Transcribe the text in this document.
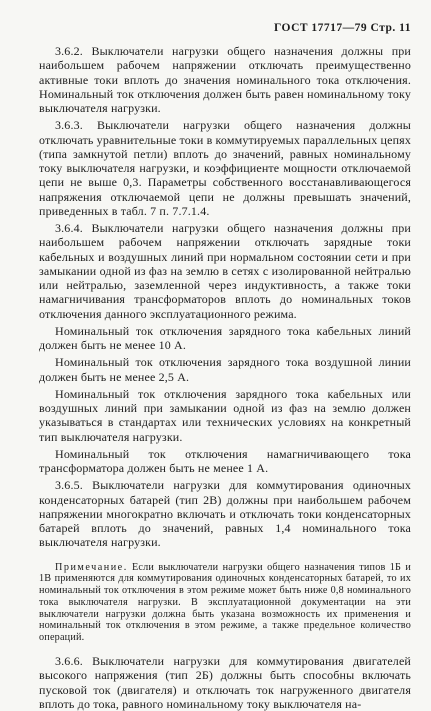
ГОСТ 17717—79 Стр. 11

3.6.2. Выключатели нагрузки общего назначения должны при наибольшем рабочем напряжении отключать преимущественно активные токи вплоть до значения номинального тока отключения. Номинальный ток отключения должен быть равен номинальному току выключателя нагрузки.

3.6.3. Выключатели нагрузки общего назначения должны отключать уравнительные токи в коммутируемых параллельных цепях (типа замкнутой петли) вплоть до значений, равных номинальному току выключателя нагрузки, и коэффициенте мощности отключаемой цепи не выше 0,3. Параметры собственного восстанавливающегося напряжения отключаемой цепи не должны превышать значений, приведенных в табл. 7 п. 7.7.1.4.

3.6.4. Выключатели нагрузки общего назначения должны при наибольшем рабочем напряжении отключать зарядные токи кабельных и воздушных линий при нормальном состоянии сети и при замыкании одной из фаз на землю в сетях с изолированной нейтралью или нейтралью, заземленной через индуктивность, а также токи намагничивания трансформаторов вплоть до номинальных токов отключения данного эксплуатационного режима.

Номинальный ток отключения зарядного тока кабельных линий должен быть не менее 10 А.

Номинальный ток отключения зарядного тока воздушной линии должен быть не менее 2,5 А.

Номинальный ток отключения зарядного тока кабельных или воздушных линий при замыкании одной из фаз на землю должен указываться в стандартах или технических условиях на конкретный тип выключателя нагрузки.

Номинальный ток отключения намагничивающего тока трансформатора должен быть не менее 1 А.

3.6.5. Выключатели нагрузки для коммутирования одиночных конденсаторных батарей (тип 2В) должны при наибольшем рабочем напряжении многократно включать и отключать токи конденсаторных батарей вплоть до значений, равных 1,4 номинального тока выключателя нагрузки.

Примечание. Если выключатели нагрузки общего назначения типов 1Б и 1В применяются для коммутирования одиночных конденсаторных батарей, то их номинальный ток отключения в этом режиме может быть ниже 0,8 номинального тока выключателя нагрузки. В эксплуатационной документации на эти выключатели нагрузки должна быть указана возможность их применения и номинальный ток отключения в этом режиме, а также предельное количество операций.

3.6.6. Выключатели нагрузки для коммутирования двигателей высокого напряжения (тип 2Б) должны быть способны включать пусковой ток (двигателя) и отключать ток нагруженного двигателя вплоть до тока, равного номинальному току выключателя на-
